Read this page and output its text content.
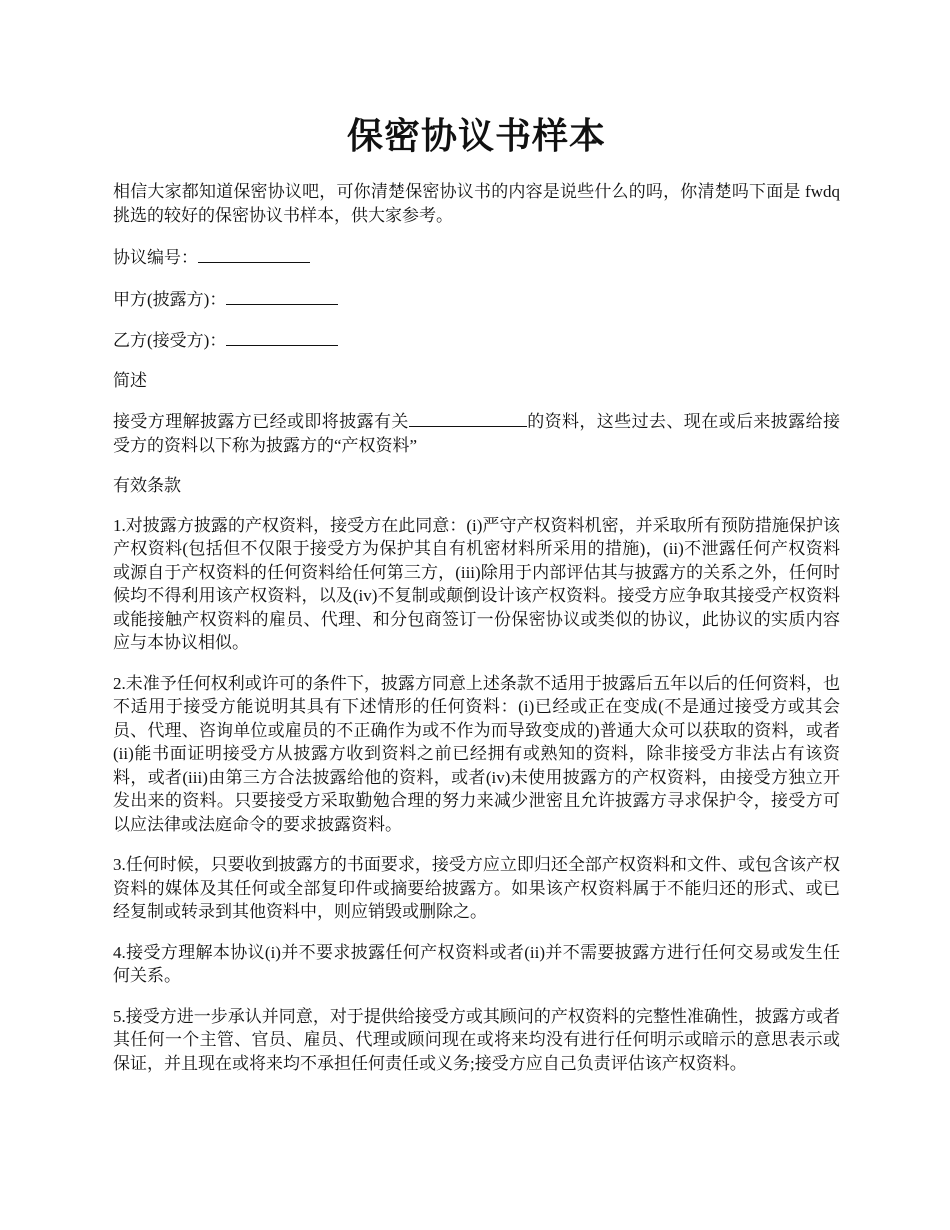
保密协议书样本

相信大家都知道保密协议吧，可你清楚保密协议书的内容是说些什么的吗，你清楚吗下面是 fwdq 挑选的较好的保密协议书样本，供大家参考。

协议编号：

甲方(披露方)：

乙方(接受方)：

简述

接受方理解披露方已经或即将披露有关	的资料，这些过去、现在或后来披露给接受方的资料以下称为披露方的“产权资料”

有效条款

1.对披露方披露的产权资料，接受方在此同意：(i)严守产权资料机密，并采取所有预防措施保护该产权资料(包括但不仅限于接受方为保护其自有机密材料所采用的措施)，(ii)不泄露任何产权资料或源自于产权资料的任何资料给任何第三方，(iii)除用于内部评估其与披露方的关系之外，任何时候均不得利用该产权资料，以及(iv)不复制或颠倒设计该产权资料。接受方应争取其接受产权资料或能接触产权资料的雇员、代理、和分包商签订一份保密协议或类似的协议，此协议的实质内容应与本协议相似。

2.未准予任何权利或许可的条件下，披露方同意上述条款不适用于披露后五年以后的任何资料，也不适用于接受方能说明其具有下述情形的任何资料：(i)已经或正在变成(不是通过接受方或其会员、代理、咨询单位或雇员的不正确作为或不作为而导致变成的)普通大众可以获取的资料，或者(ii)能书面证明接受方从披露方收到资料之前已经拥有或熟知的资料，除非接受方非法占有该资料，或者(iii)由第三方合法披露给他的资料，或者(iv)未使用披露方的产权资料，由接受方独立开发出来的资料。只要接受方采取勤勉合理的努力来减少泄密且允许披露方寻求保护令，接受方可以应法律或法庭命令的要求披露资料。

3.任何时候，只要收到披露方的书面要求，接受方应立即归还全部产权资料和文件、或包含该产权资料的媒体及其任何或全部复印件或摘要给披露方。如果该产权资料属于不能归还的形式、或已经复制或转录到其他资料中，则应销毁或删除之。

4.接受方理解本协议(i)并不要求披露任何产权资料或者(ii)并不需要披露方进行任何交易或发生任何关系。

5.接受方进一步承认并同意，对于提供给接受方或其顾问的产权资料的完整性准确性，披露方或者其任何一个主管、官员、雇员、代理或顾问现在或将来均没有进行任何明示或暗示的意思表示或保证，并且现在或将来均不承担任何责任或义务;接受方应自己负责评估该产权资料。
